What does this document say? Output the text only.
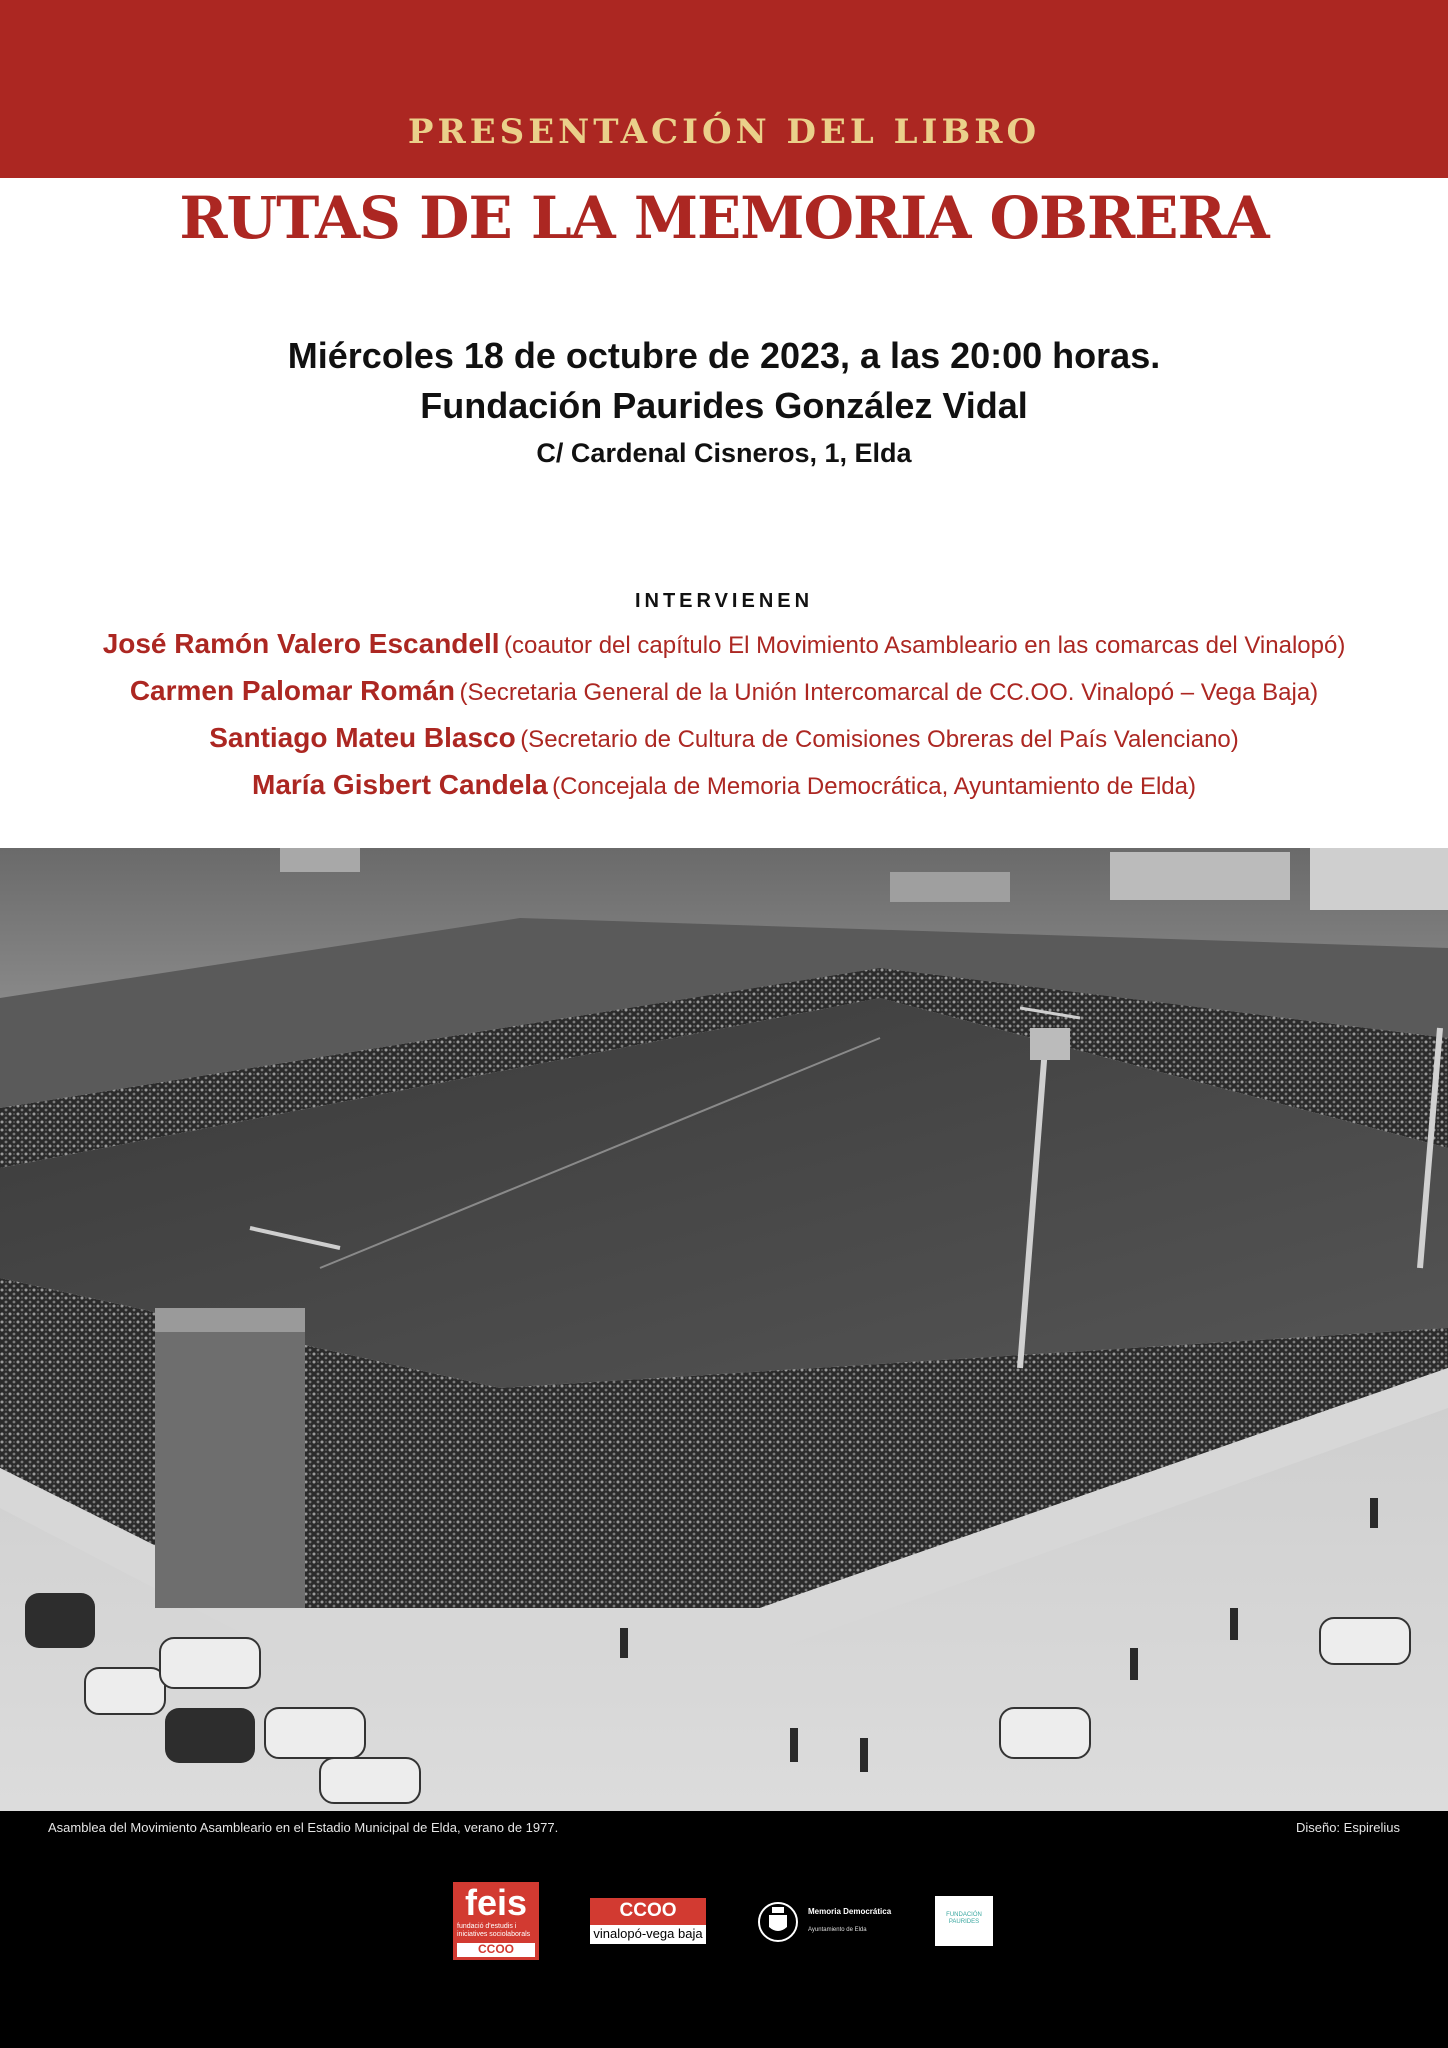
PRESENTACIÓN DEL LIBRO
RUTAS DE LA MEMORIA OBRERA
Miércoles 18 de octubre de 2023, a las 20:00 horas.
Fundación Paurides González Vidal
C/ Cardenal Cisneros, 1, Elda
INTERVIENEN
José Ramón Valero Escandell (coautor del capítulo El Movimiento Asambleario en las comarcas del Vinalopó)
Carmen Palomar Román (Secretaria General de la Unión Intercomarcal de CC.OO. Vinalopó – Vega Baja)
Santiago Mateu Blasco (Secretario de Cultura de Comisiones Obreras del País Valenciano)
María Gisbert Candela (Concejala de Memoria Democrática, Ayuntamiento de Elda)
Asamblea del Movimiento Asambleario en el Estadio Municipal de Elda, verano de 1977.	Diseño: Espirelius
feis
fundació d'estudis i iniciatives sociolaborals
CCOO
CCOO
vinalopó-vega baja
Memoria Democrática
Ayuntamiento de Elda
FUNDACIÓN PAURIDES
